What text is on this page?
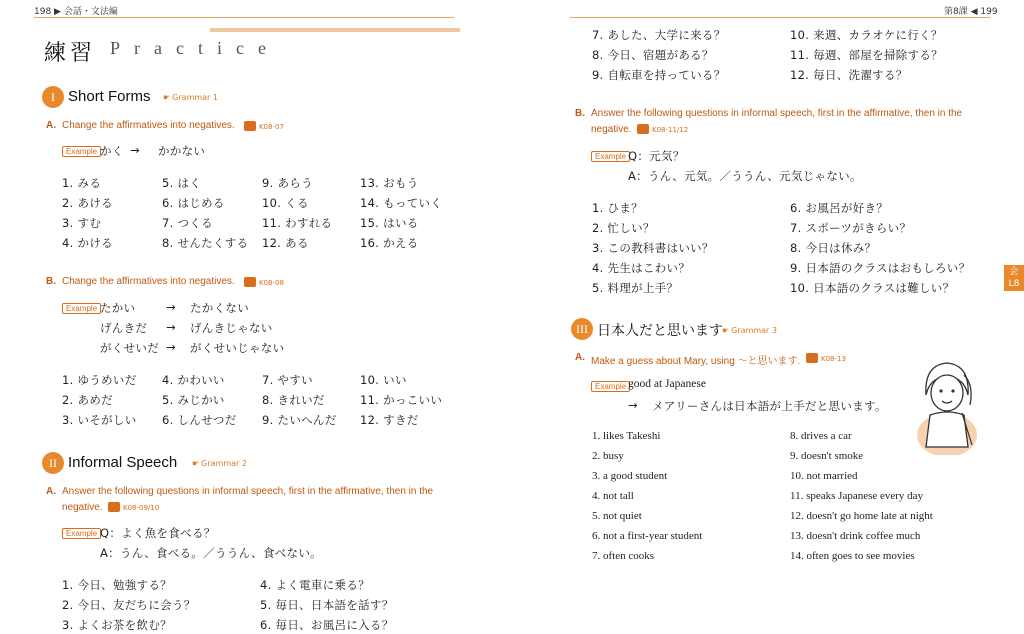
198 ▶ 会話・文法編	第8課 ◀ 199
会
L8
練習 Practice
I Short Forms	☛ Grammar 1
A. Change the affirmatives into negatives.	K08-07
Example かく → かかない
1. みる	5. はく	9. あらう	13. おもう
2. あける	6. はじめる	10. くる	14. もっていく
3. すむ	7. つくる	11. わすれる 15. はいる
4. かける	8. せんたくする 12. ある	16. かえる
B. Change the affirmatives into negatives.	K08-08
Example たかい	→ たかくない
げんきだ → げんきじゃない
がくせいだ → がくせいじゃない
1. ゆうめいだ 4. かわいい	7. やすい	10. いい
2. あめだ	5. みじかい	8. きれいだ	11. かっこいい
3. いそがしい 6. しんせつだ 9. たいへんだ 12. すきだ
II Informal Speech	☛ Grammar 2
A. Answer the following questions in informal speech, first in the affirmative, then in the
negative.	K08-09/10
Example Q：よく魚を食べる？
A：うん、食べる。／ううん、食べない。
1. 今日、勉強する？
2. 今日、友だちに会う？
3. よくお茶を飲む？
4. よく電車に乗る？
5. 毎日、日本語を話す？
6. 毎日、お風呂に入る？
7. あした、大学に来る？
8. 今日、宿題がある？
9. 自転車を持っている？
10. 来週、カラオケに行く？
11. 毎週、部屋を掃除する？
12. 毎日、洗濯する？
B. Answer the following questions in informal speech, first in the affirmative, then in the
negative.	K08-11/12
Example Q：元気？
A：うん、元気。／ううん、元気じゃない。
1. ひま？
2. 忙しい？
3. この教科書はいい？
4. 先生はこわい？
5. 料理が上手？
6. お風呂が好き？
7. スポーツがきらい？
8. 今日は休み？
9. 日本語のクラスはおもしろい？
10. 日本語のクラスは難しい？
III 日本人だと思います	☛ Grammar 3
A. Make a guess about Mary, using ～と思います.	K08-13
Example good at Japanese
→ メアリーさんは日本語が上手だと思います。
1. likes Takeshi
2. busy
3. a good student
4. not tall
5. not quiet
6. not a first-year student
7. often cooks
8. drives a car
9. doesn't smoke
10. not married
11. speaks Japanese every day
12. doesn't go home late at night
13. doesn't drink coffee much
14. often goes to see movies
